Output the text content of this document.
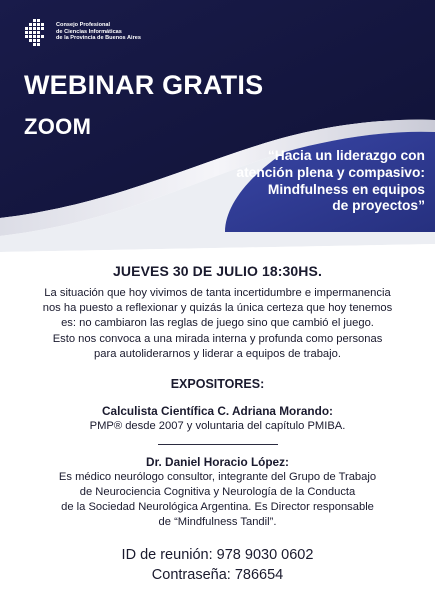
Consejo Profesional
de Ciencias Informáticas
de la Provincia de Buenos Aires
WEBINAR GRATIS
ZOOM
“Hacia un liderazgo con
atención plena y compasivo:
Mindfulness en equipos
de proyectos”
JUEVES 30 DE JULIO 18:30HS.
La situación que hoy vivimos de tanta incertidumbre e impermanencia
nos ha puesto a reflexionar y quizás la única certeza que hoy tenemos
es: no cambiaron las reglas de juego sino que cambió el juego.
Esto nos convoca a una mirada interna y profunda como personas
para autoliderarnos y liderar a equipos de trabajo.
EXPOSITORES:
Calculista Científica C. Adriana Morando:
PMP® desde 2007 y voluntaria del capítulo PMIBA.
Dr. Daniel Horacio López:
Es médico neurólogo consultor, integrante del Grupo de Trabajo
de Neurociencia Cognitiva y Neurología de la Conducta
de la Sociedad Neurológica Argentina. Es Director responsable
de “Mindfulness Tandil”.
ID de reunión: 978 9030 0602
Contraseña: 786654
